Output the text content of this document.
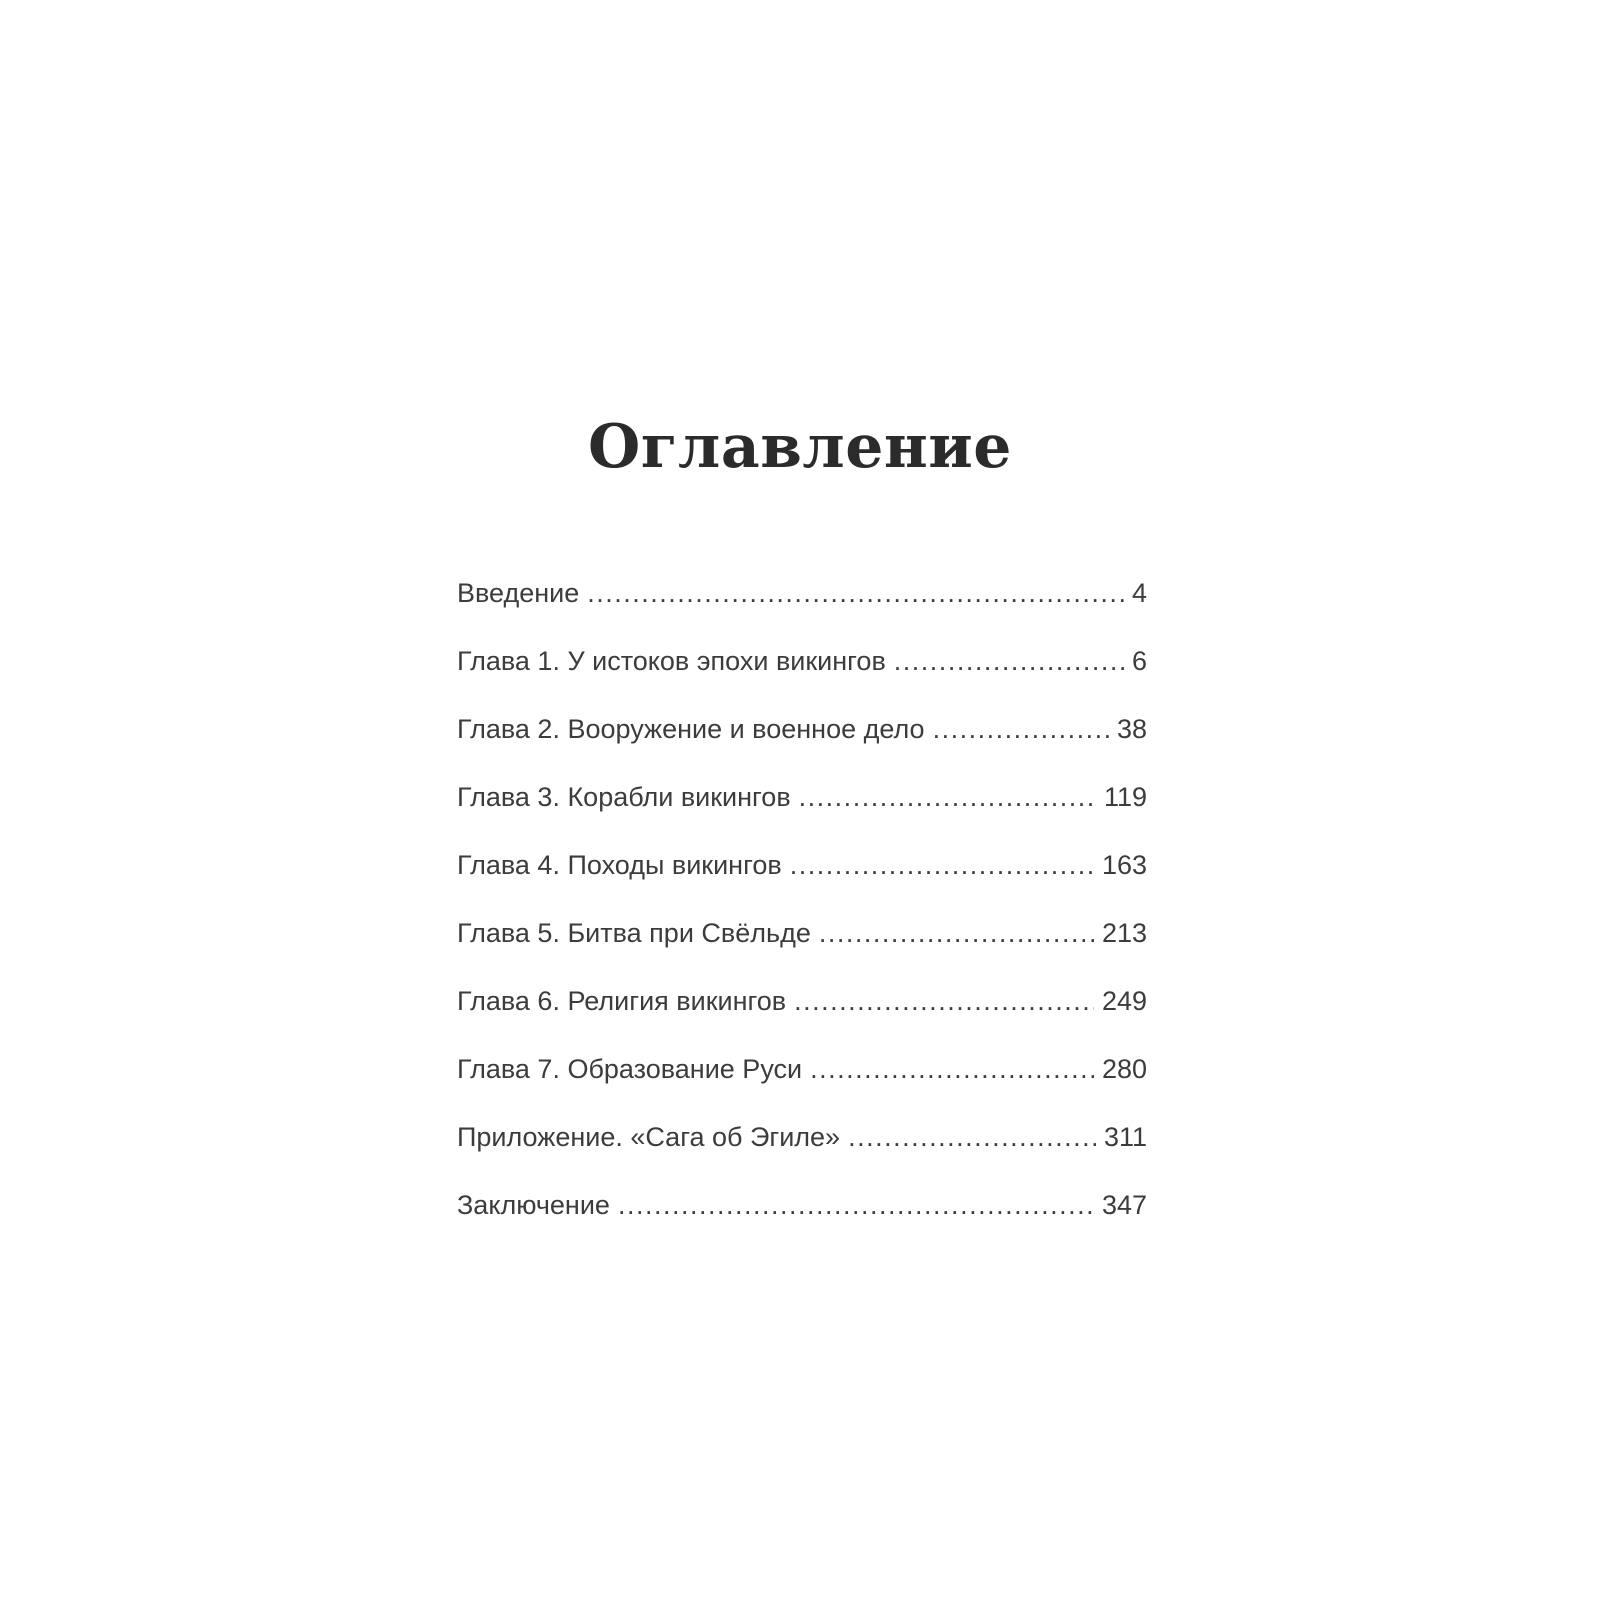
Оглавление
Введение . . .	4
Глава 1. У истоков эпохи викингов . . .	6
Глава 2. Вооружение и военное дело . . .	38
Глава 3. Корабли викингов . . .	119
Глава 4. Походы викингов . . .	163
Глава 5. Битва при Свёльде . . .	213
Глава 6. Религия викингов . . .	249
Глава 7. Образование Руси . . .	280
Приложение. «Сага об Эгиле» . . .	311
Заключение . . .	347
